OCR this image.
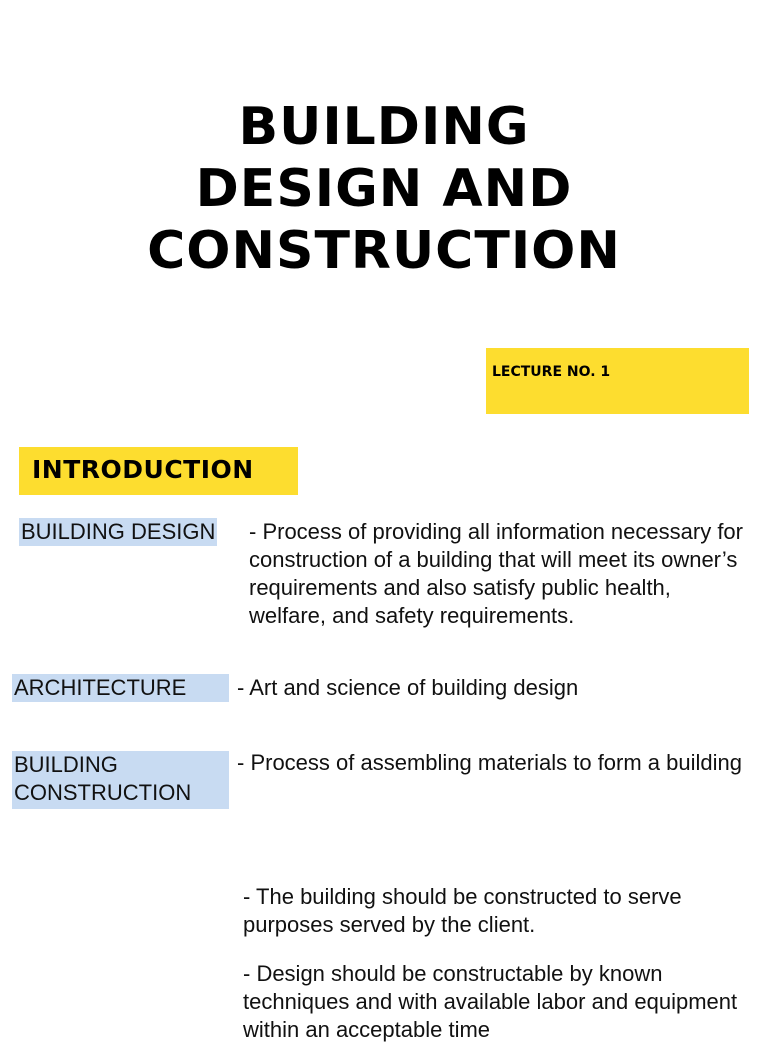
BUILDING
DESIGN AND
CONSTRUCTION
LECTURE NO. 1
INTRODUCTION
BUILDING DESIGN - Process of providing all information necessary for construction of a building that will meet its owner’s requirements and also satisfy public health, welfare, and safety requirements.

ARCHITECTURE	- Art and science of building design

BUILDING
CONSTRUCTION

- Process of assembling materials to form a building

- The building should be constructed to serve purposes served by the client.

- Design should be constructable by known techniques and with available labor and equipment within an acceptable time
